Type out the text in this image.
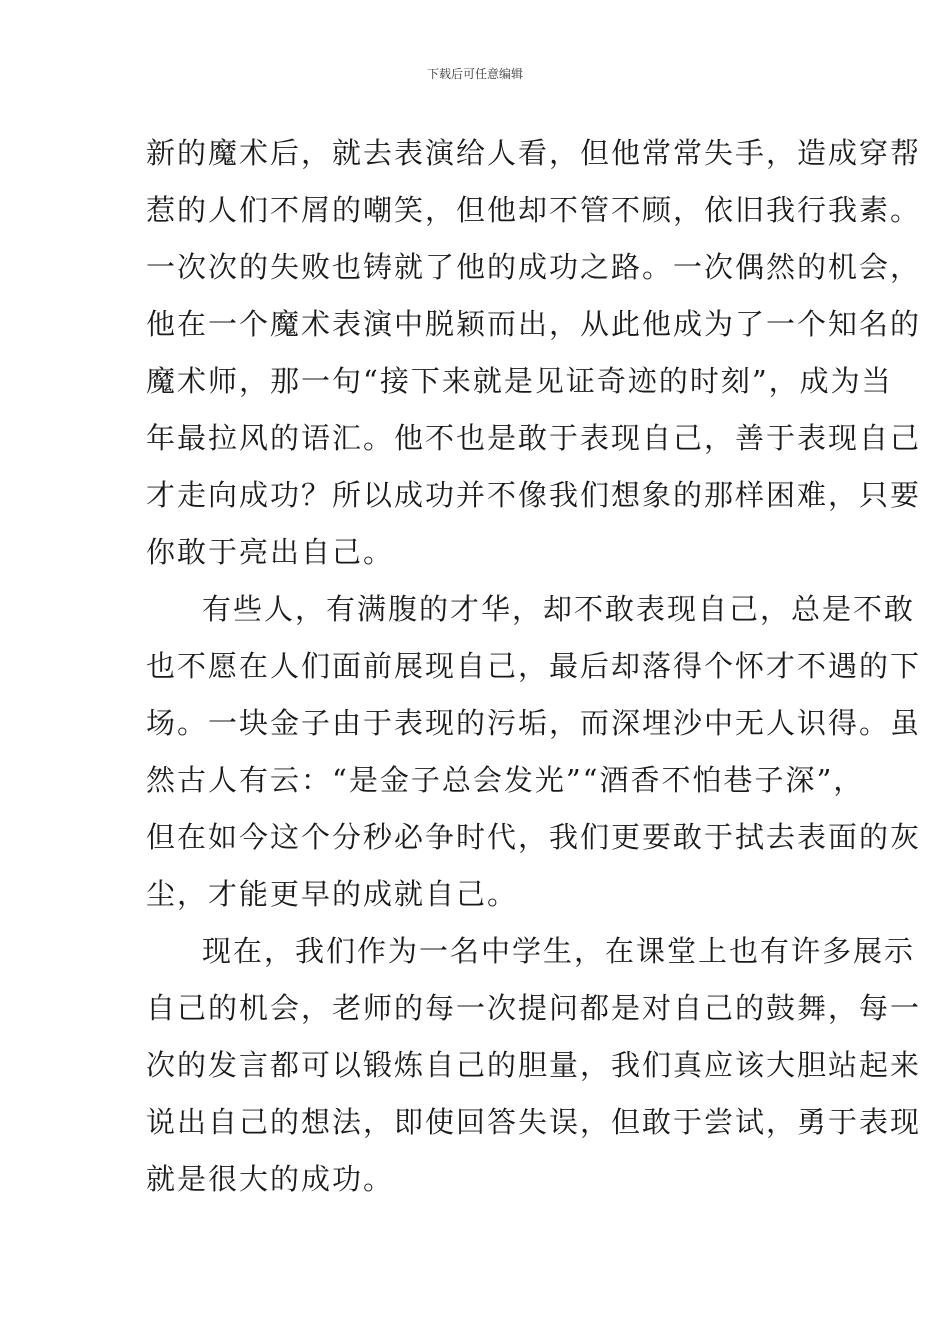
下载后可任意编辑
新的魔术后，就去表演给人看，但他常常失手，造成穿帮
惹的人们不屑的嘲笑，但他却不管不顾，依旧我行我素。
一次次的失败也铸就了他的成功之路。一次偶然的机会，
他在一个魔术表演中脱颖而出，从此他成为了一个知名的
魔术师，那一句“接下来就是见证奇迹的时刻”，成为当
年最拉风的语汇。他不也是敢于表现自己，善于表现自己
才走向成功？所以成功并不像我们想象的那样困难，只要
你敢于亮出自己。
有些人，有满腹的才华，却不敢表现自己，总是不敢
也不愿在人们面前展现自己，最后却落得个怀才不遇的下
场。一块金子由于表现的污垢，而深埋沙中无人识得。虽
然古人有云：“是金子总会发光”“酒香不怕巷子深”，
但在如今这个分秒必争时代，我们更要敢于拭去表面的灰
尘，才能更早的成就自己。
现在，我们作为一名中学生，在课堂上也有许多展示
自己的机会，老师的每一次提问都是对自己的鼓舞，每一
次的发言都可以锻炼自己的胆量，我们真应该大胆站起来
说出自己的想法，即使回答失误，但敢于尝试，勇于表现
就是很大的成功。
